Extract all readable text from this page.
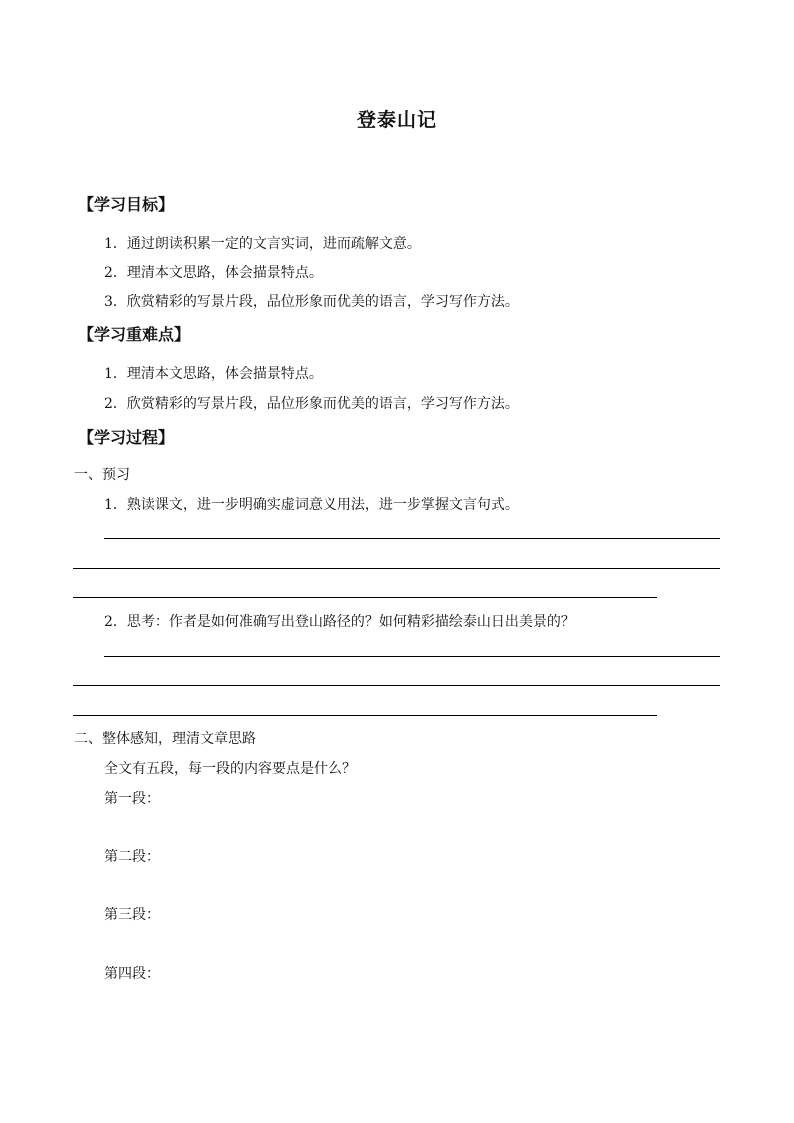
登泰山记
【学习目标】
1．通过朗读积累一定的文言实词，进而疏解文意。
2．理清本文思路，体会描景特点。
3．欣赏精彩的写景片段，品位形象而优美的语言，学习写作方法。
【学习重难点】
1．理清本文思路，体会描景特点。
2．欣赏精彩的写景片段，品位形象而优美的语言，学习写作方法。
【学习过程】
一、预习
1．熟读课文，进一步明确实虚词意义用法，进一步掌握文言句式。
2．思考：作者是如何准确写出登山路径的？如何精彩描绘泰山日出美景的？
二、整体感知，理清文章思路
全文有五段，每一段的内容要点是什么？
第一段：
第二段：
第三段：
第四段：
